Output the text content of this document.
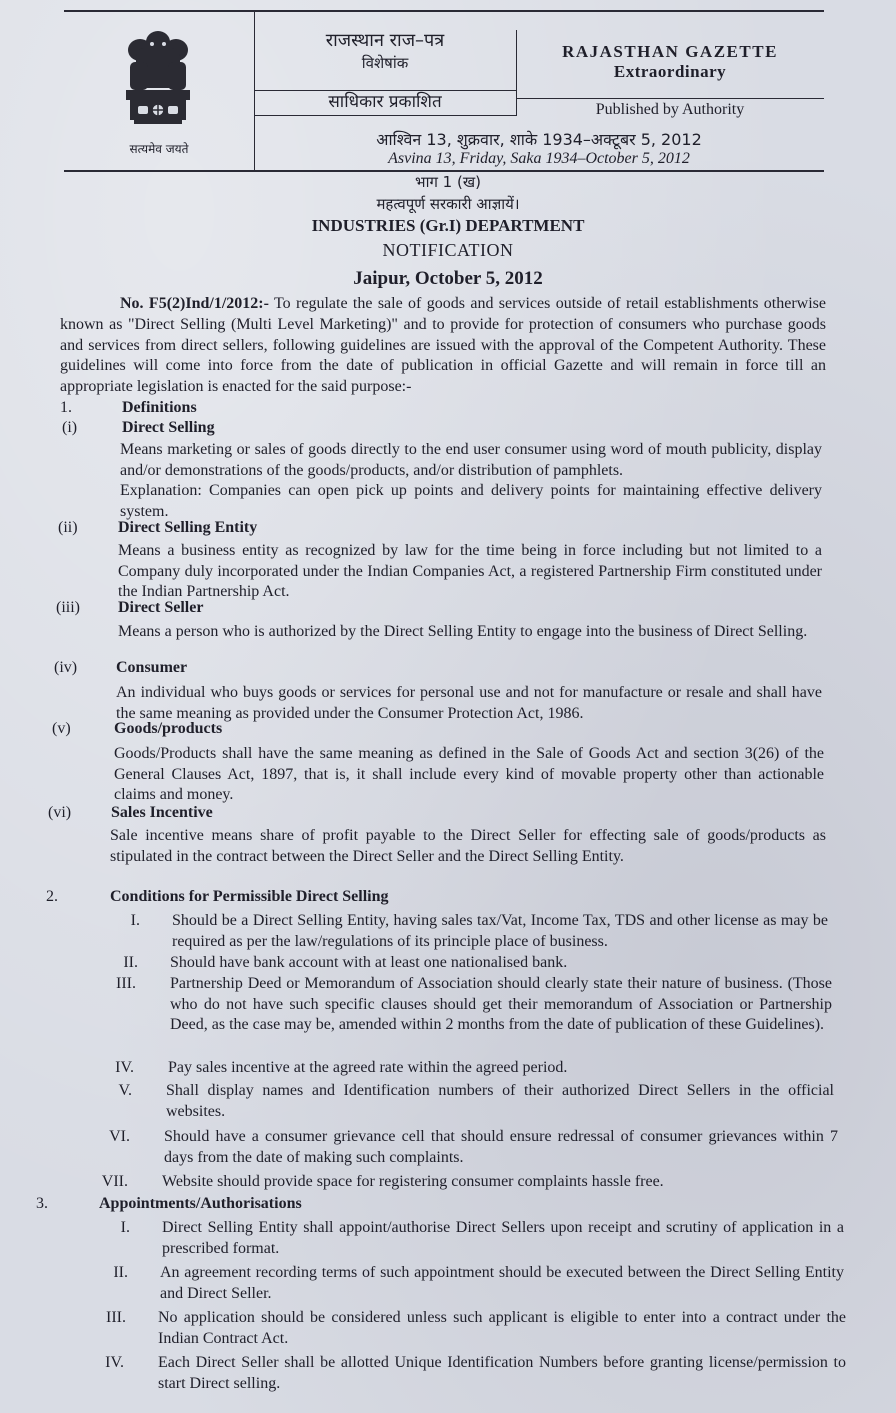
सत्यमेव जयते
राजस्थान राज–पत्र
विशेषांक
साधिकार प्रकाशित
RAJASTHAN GAZETTE
Extraordinary
Published by Authority
आश्विन 13, शुक्रवार, शाके 1934–अक्टूबर 5, 2012
Asvina 13, Friday, Saka 1934–October 5, 2012
भाग 1 (ख)
महत्वपूर्ण सरकारी आज्ञायें।
INDUSTRIES (Gr.I) DEPARTMENT
NOTIFICATION
Jaipur, October 5, 2012
No. F5(2)Ind/1/2012:- To regulate the sale of goods and services outside of retail establishments otherwise known as "Direct Selling (Multi Level Marketing)" and to provide for protection of consumers who purchase goods and services from direct sellers, following guidelines are issued with the approval of the Competent Authority. These guidelines will come into force from the date of publication in official Gazette and will remain in force till an appropriate legislation is enacted for the said purpose:-
1.	Definitions
(i)	Direct Selling
Means marketing or sales of goods directly to the end user consumer using word of mouth publicity, display and/or demonstrations of the goods/products, and/or distribution of pamphlets.
Explanation: Companies can open pick up points and delivery points for maintaining effective delivery system.
(ii)	Direct Selling Entity
Means a business entity as recognized by law for the time being in force including but not limited to a Company duly incorporated under the Indian Companies Act, a registered Partnership Firm constituted under the Indian Partnership Act.
(iii) Direct Seller
Means a person who is authorized by the Direct Selling Entity to engage into the business of Direct Selling.
(iv) Consumer
An individual who buys goods or services for personal use and not for manufacture or resale and shall have the same meaning as provided under the Consumer Protection Act, 1986.
(v)	Goods/products
Goods/Products shall have the same meaning as defined in the Sale of Goods Act and section 3(26) of the General Clauses Act, 1897, that is, it shall include every kind of movable property other than actionable claims and money.
(vi) Sales Incentive
Sale incentive means share of profit payable to the Direct Seller for effecting sale of goods/products as stipulated in the contract between the Direct Seller and the Direct Selling Entity.
2.	Conditions for Permissible Direct Selling
I. Should be a Direct Selling Entity, having sales tax/Vat, Income Tax, TDS and other license as may be required as per the law/regulations of its principle place of business.
II. Should have bank account with at least one nationalised bank.
III. Partnership Deed or Memorandum of Association should clearly state their nature of business. (Those who do not have such specific clauses should get their memorandum of Association or Partnership Deed, as the case may be, amended within 2 months from the date of publication of these Guidelines).
IV. Pay sales incentive at the agreed rate within the agreed period.
V. Shall display names and Identification numbers of their authorized Direct Sellers in the official websites.
VI. Should have a consumer grievance cell that should ensure redressal of consumer grievances within 7 days from the date of making such complaints.
VII. Website should provide space for registering consumer complaints hassle free.
3.	Appointments/Authorisations
I. Direct Selling Entity shall appoint/authorise Direct Sellers upon receipt and scrutiny of application in a prescribed format.
II. An agreement recording terms of such appointment should be executed between the Direct Selling Entity and Direct Seller.
III. No application should be considered unless such applicant is eligible to enter into a contract under the Indian Contract Act.
IV. Each Direct Seller shall be allotted Unique Identification Numbers before granting license/permission to start Direct selling.
